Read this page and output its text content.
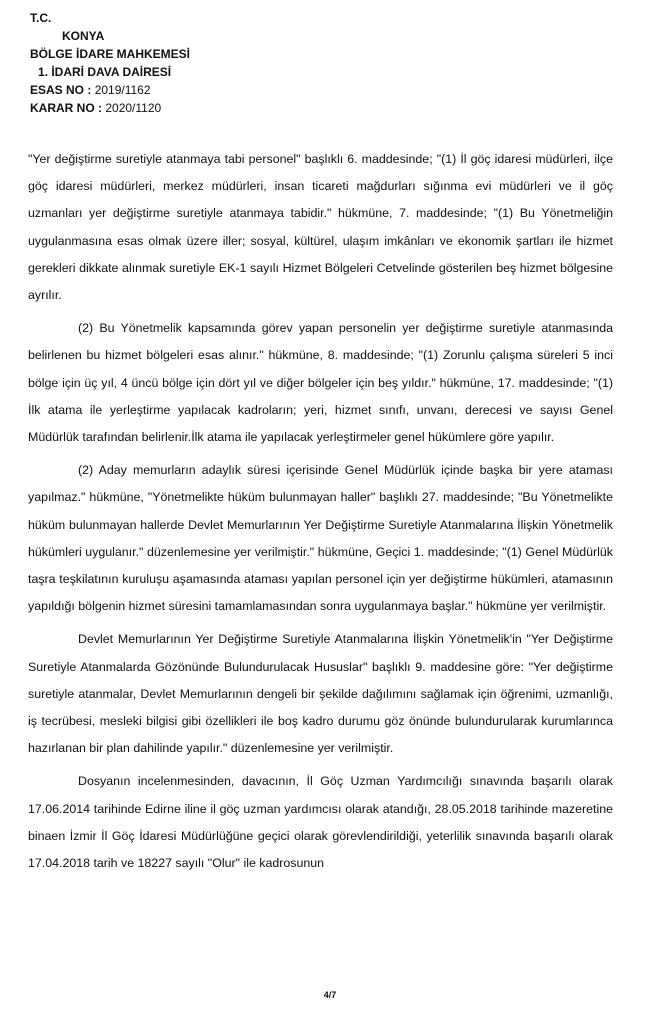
T.C.
KONYA
BÖLGE İDARE MAHKEMESİ
1. İDARİ DAVA DAİRESİ
ESAS NO : 2019/1162
KARAR NO : 2020/1120

"Yer değiştirme suretiyle atanmaya tabi personel" başlıklı 6. maddesinde; "(1) İl göç idaresi müdürleri, ilçe göç idaresi müdürleri, merkez müdürleri, insan ticareti mağdurları sığınma evi müdürleri ve il göç uzmanları yer değiştirme suretiyle atanmaya tabidir." hükmüne, 7. maddesinde; "(1) Bu Yönetmeliğin uygulanmasına esas olmak üzere iller; sosyal, kültürel, ulaşım imkânları ve ekonomik şartları ile hizmet gerekleri dikkate alınmak suretiyle EK-1 sayılı Hizmet Bölgeleri Cetvelinde gösterilen beş hizmet bölgesine ayrılır.

(2) Bu Yönetmelik kapsamında görev yapan personelin yer değiştirme suretiyle atanmasında belirlenen bu hizmet bölgeleri esas alınır." hükmüne, 8. maddesinde; "(1) Zorunlu çalışma süreleri 5 inci bölge için üç yıl, 4 üncü bölge için dört yıl ve diğer bölgeler için beş yıldır." hükmüne, 17. maddesinde; "(1) İlk atama ile yerleştirme yapılacak kadroların; yeri, hizmet sınıfı, unvanı, derecesi ve sayısı Genel Müdürlük tarafından belirlenir.İlk atama ile yapılacak yerleştirmeler genel hükümlere göre yapılır.

(2) Aday memurların adaylık süresi içerisinde Genel Müdürlük içinde başka bir yere ataması yapılmaz." hükmüne, "Yönetmelikte hüküm bulunmayan haller" başlıklı 27. maddesinde; "Bu Yönetmelikte hüküm bulunmayan hallerde Devlet Memurlarının Yer Değiştirme Suretiyle Atanmalarına İlişkin Yönetmelik hükümleri uygulanır." düzenlemesine yer verilmiştir." hükmüne, Geçici 1. maddesinde; "(1) Genel Müdürlük taşra teşkilatının kuruluşu aşamasında ataması yapılan personel için yer değiştirme hükümleri, atamasının yapıldığı bölgenin hizmet süresini tamamlamasından sonra uygulanmaya başlar." hükmüne yer verilmiştir.

Devlet Memurlarının Yer Değiştirme Suretiyle Atanmalarına İlişkin Yönetmelik'in "Yer Değiştirme Suretiyle Atanmalarda Gözönünde Bulundurulacak Hususlar" başlıklı 9. maddesine göre: "Yer değiştirme suretiyle atanmalar, Devlet Memurlarının dengeli bir şekilde dağılımını sağlamak için öğrenimi, uzmanlığı, iş tecrübesi, mesleki bilgisi gibi özellikleri ile boş kadro durumu göz önünde bulundurularak kurumlarınca hazırlanan bir plan dahilinde yapılır." düzenlemesine yer verilmiştir.

Dosyanın incelenmesinden, davacının, İl Göç Uzman Yardımcılığı sınavında başarılı olarak 17.06.2014 tarihinde Edirne iline il göç uzman yardımcısı olarak atandığı, 28.05.2018 tarihinde mazeretine binaen İzmir İl Göç İdaresi Müdürlüğüne geçici olarak görevlendirildiği, yeterlilik sınavında başarılı olarak 17.04.2018 tarih ve 18227 sayılı "Olur" ile kadrosunun

4/7
